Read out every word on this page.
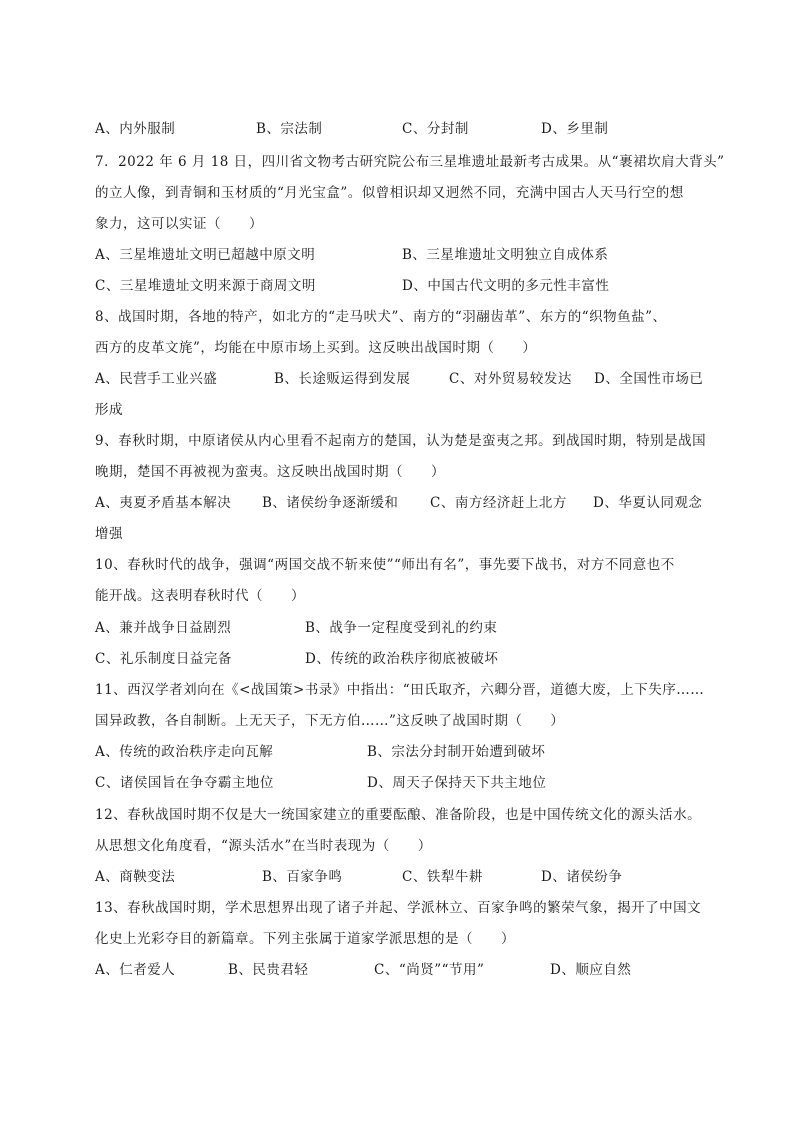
A、内外服制	B、宗法制	C、分封制	D、乡里制
7．2022 年 6 月 18 日，四川省文物考古研究院公布三星堆遗址最新考古成果。从“裹裙坎肩大背头”
的立人像，到青铜和玉材质的“月光宝盒”。似曾相识却又迥然不同，充满中国古人天马行空的想
象力，这可以实证（　　）
A、三星堆遗址文明已超越中原文明	B、三星堆遗址文明独立自成体系
C、三星堆遗址文明来源于商周文明	D、中国古代文明的多元性丰富性
8、战国时期，各地的特产，如北方的“走马吠犬”、南方的“羽翮齿革”、东方的“织物鱼盐”、
西方的皮革文旄”，均能在中原市场上买到。这反映出战国时期（　　）
A、民营手工业兴盛	B、长途贩运得到发展	C、对外贸易较发达 D、全国性市场已
形成
9、春秋时期，中原诸侯从内心里看不起南方的楚国，认为楚是蛮夷之邦。到战国时期，特别是战国
晚期，楚国不再被视为蛮夷。这反映出战国时期（　　）
A、夷夏矛盾基本解决 B、诸侯纷争逐渐缓和 C、南方经济赶上北方 D、华夏认同观念
增强
10、春秋时代的战争，强调“两国交战不斩来使”“师出有名”，事先要下战书，对方不同意也不
能开战。这表明春秋时代（　　）
A、兼并战争日益剧烈	B、战争一定程度受到礼的约束
C、礼乐制度日益完备	D、传统的政治秩序彻底被破坏
11、西汉学者刘向在《<战国策>书录》中指出：“田氏取齐，六卿分晋，道德大废，上下失序……
国异政教，各自制断。上无天子，下无方伯……”这反映了战国时期（　　）
A、传统的政治秩序走向瓦解	B、宗法分封制开始遭到破坏
C、诸侯国旨在争夺霸主地位	D、周天子保持天下共主地位
12、春秋战国时期不仅是大一统国家建立的重要酝酿、准备阶段，也是中国传统文化的源头活水。
从思想文化角度看，“源头活水”在当时表现为（　　）
A、商鞅变法	B、百家争鸣	C、铁犁牛耕	D、诸侯纷争
13、春秋战国时期，学术思想界出现了诸子并起、学派林立、百家争鸣的繁荣气象，揭开了中国文
化史上光彩夺目的新篇章。下列主张属于道家学派思想的是（　　）
A、仁者爱人	B、民贵君轻	C、“尚贤”“节用”	D、顺应自然
